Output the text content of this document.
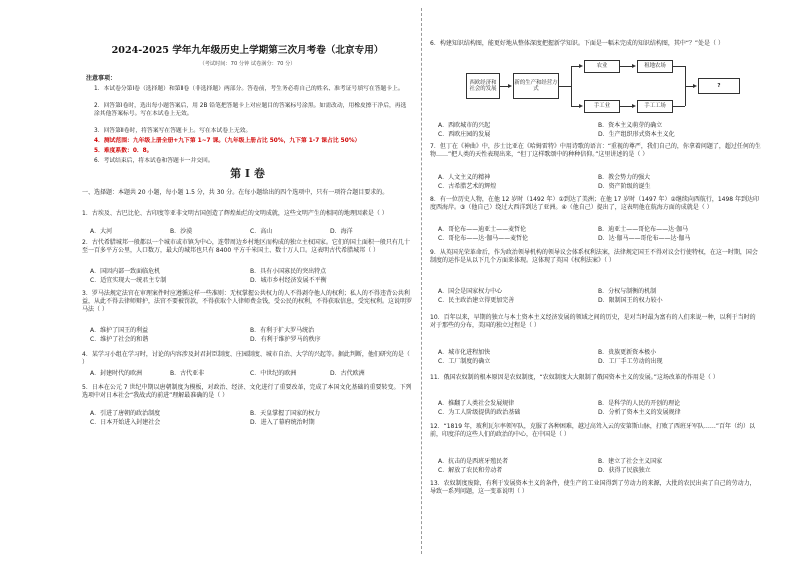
2024-2025 学年九年级历史上学期第三次月考卷（北京专用）
（考试时间：70 分钟 试卷满分：70 分）
注意事项：
1．本试卷分第Ⅰ卷（选择题）和第Ⅱ卷（非选择题）两部分。答卷前，考生务必将自己的姓名、准考证号填写在答题卡上。
2．回答第Ⅰ卷时，选出每小题答案后，用 2B 铅笔把答题卡上对应题目的答案标号涂黑。如需改动，用橡皮擦干净后，再选涂其他答案标号。写在本试卷上无效。
3．回答第Ⅱ卷时，将答案写在答题卡上。写在本试卷上无效。
4．测试范围：九年级上册全册+九下第 1~7 课。（九年级上册占比 50%，九下第 1-7 课占比 50%）
5．难度系数：0．8。
6．考试结束后，将本试卷和答题卡一并交回。
第 Ⅰ 卷
一、选择题：本题共 20 小题，每小题 1.5 分，共 30 分。在每小题给出的四个选项中，只有一项符合题目要求的。
1．古埃及、古巴比伦、古印度等亚非文明古国创造了辉煌灿烂的文明成就，这些文明产生的相同的地理因素是（ ）
A．大河	B．沙漠	C．高山	D．海洋
2．古代希腊城邦一般都以一个城市或市镇为中心，连带周边乡村地区而构成的独立主权国家。它们的国土面积一般只有几十至一百多平方公里，人口数万，最大的城邦也只有 8400 平方千米国土、数十万人口。这表明古代希腊城邦（ ）
A．国因内部一致面临危机	B．具有小国寡民的突出特点
C．适宜实现大一统君主专制	D．城市乡村经济发展不平衡
3．罗马法规定法官在审理案件时应遵循这样一些准则：无权掌握公共权力的人不得剥夺他人的权利；私人的不得违背公共利益，从此不得去律师辩护，法官不要被罚款，不得获取个人律师费金钱，受公民的权利，不得获取信息，受宪权利。这说明罗马法（ ）
A．维护了国王的利益	B．有利于扩大罗马统治
C．维护了社会的和谐	D．有利于维护罗马的秩序
4．某学习小组在学习时，讨论的内容涉及封君封臣制度、庄园制度、城市自治、大学的兴起等。据此判断，他们研究的是（ ）
A．封建时代的欧洲	B．古代亚非	C．中世纪的欧洲	D．古代欧洲
5．日本在公元 7 世纪中期以唐朝制度为模板，对政治、经济、文化进行了重要改革，完成了本国文化基础的重要转变。下列选项中对日本社会“我战式的前进”理解最准确的是（ ）
A．引进了唐朝的政治制度	B．天皇掌握了国家的权力
C．日本开始进入封建社会	D．进入了幕府统治时期
6．构建知识结构图，能更好地从整体深度把握新学知识。下面是一幅未完成的知识结构图，其中“？”处是（ ）
西欧经济和社会的发展
新的生产和经营方式
农业
手工业
租地农场
手工工场
?
A．西欧城市的兴起	B．资本主义萌芽的确立
C．西欧庄园的发展	D．生产组织形式资本主义化
7．但丁在《神曲》中，莎士比亚在《哈姆雷特》中用诗歌的语言：“重视的尊严，我们自己的，你拿着问题了，超过任何的生物……”把人类的天性表现出来，“但丁这样歌颂中的种种信仰。”这里讲述的是（ ）
A．人文主义的精神	B．教会势力的强大
C．古希腊艺术的辉煌	D．资产阶级的诞生
8．有一位历史人物，在他 12 岁时（1492 年）①到达了美洲；在他 17 岁时（1497 年）②继续向西航行，1498 年到达印度西海岸。③（他自己）绕过大西洋到达了亚洲。④（他自己）提出了，这表明他在航海方面的成就是（ ）
A．哥伦布——迪亚士——麦哲伦	B．迪亚士——哥伦布——达·伽马
C．哥伦布——达·伽马——麦哲伦	D．达·伽马——哥伦布——达·伽马
9．从英国光荣革命后，作为政治领导机构的领导议会体系权利法案，法律规定国王不得对议会行使特权，在这一时期，国会制度的运作是从以下几个方面来体现。这体现了英国《权利法案》（ ）
A．国会是国家权力中心	B．分权与制衡的机制
C．民主政治建立得更加完善	D．限制国王的权力较小
10．百年以来，早期的独立与本土资本主义经济发展的领域之间的历史，是对当时最为富有的人们来说一种，以利于当时的对于那些的分布，美国的独立过程是（ ）
A．城市化进程加快	B．贵族更新资本极小
C．工厂制度的确立	D．工厂手工劳动的出现
11．俄国农奴制的根本原因是农奴制度，“农奴制度大大限制了俄国资本主义的发展。”这场改革的作用是（ ）
A．推翻了人类社会发展规律	B．是科学的人民的开创的理论
C．为工人阶级提供的政治基础	D．分析了资本主义的发展规律
12．“1819 年，玻利瓦尔率领军队，克服了各种困难，越过高耸入云的安第斯山脉，打败了西班牙军队……”百年（约）以前，印度洋的这些人们的政治的中心，在中国是（ ）
A．抗击的是西班牙殖民者	B．建立了社会主义国家
C．解放了农民和劳动者	D．获得了民族独立
13．农奴制度废除，有利于发展资本主义的条件，使生产的工业国得到了劳动力的来源，大批的农民出卖了自己的劳动力，导致一系列问题，这一变革说明（ ）
